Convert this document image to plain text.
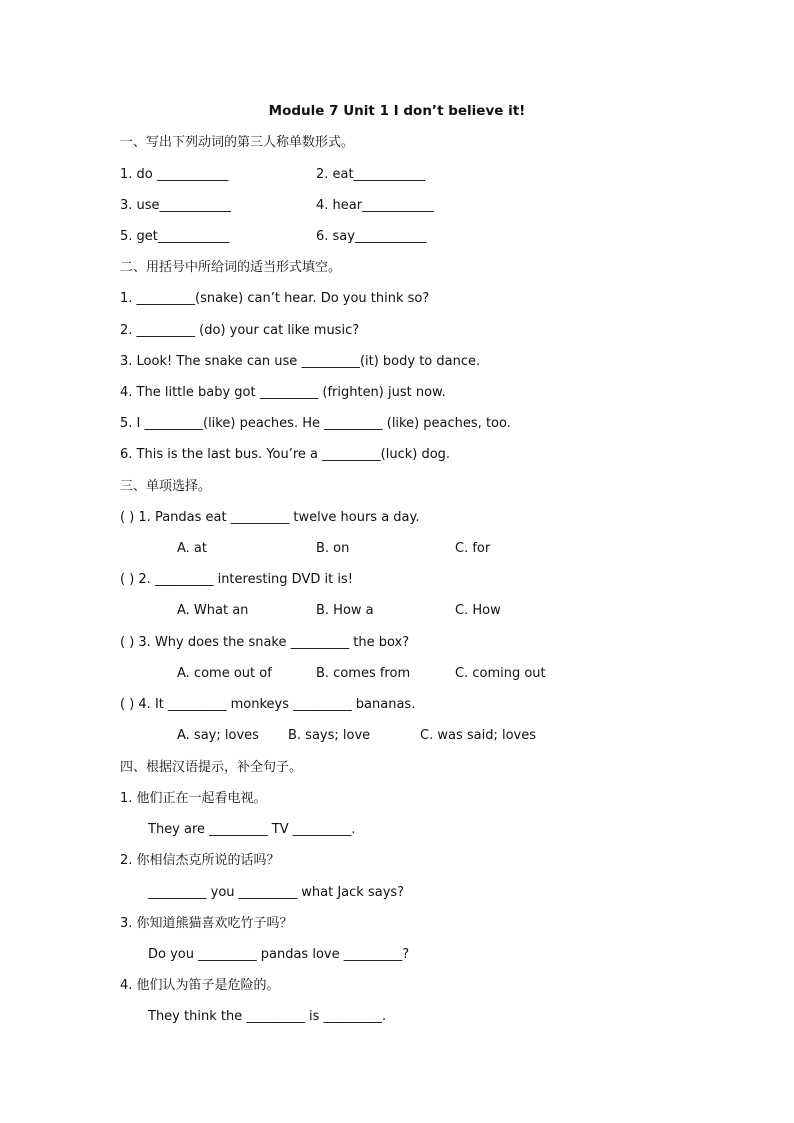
Module 7 Unit 1 I don’t believe it!
一、写出下列动词的第三人称单数形式。
1. do ___________	2. eat___________
3. use___________	4. hear___________
5. get___________	6. say___________
二、用括号中所给词的适当形式填空。
1. _________(snake) can’t hear. Do you think so?
2. _________ (do) your cat like music?
3. Look! The snake can use _________(it) body to dance.
4. The little baby got _________ (frighten) just now.
5. I _________(like) peaches. He _________ (like) peaches, too.
6. This is the last bus. You’re a _________(luck) dog.
三、单项选择。
( ) 1. Pandas eat _________ twelve hours a day.
A. at	B. on	C. for
( ) 2. _________ interesting DVD it is!
A. What an	B. How a	C. How
( ) 3. Why does the snake _________ the box?
A. come out of	B. comes from	C. coming out
( ) 4. It _________ monkeys _________ bananas.
A. say; loves B. says; love	C. was said; loves
四、根据汉语提示，补全句子。
1. 他们正在一起看电视。
They are _________ TV _________.
2. 你相信杰克所说的话吗？
_________ you _________ what Jack says?
3. 你知道熊猫喜欢吃竹子吗？
Do you _________ pandas love _________?
4. 他们认为笛子是危险的。
They think the _________ is _________.
